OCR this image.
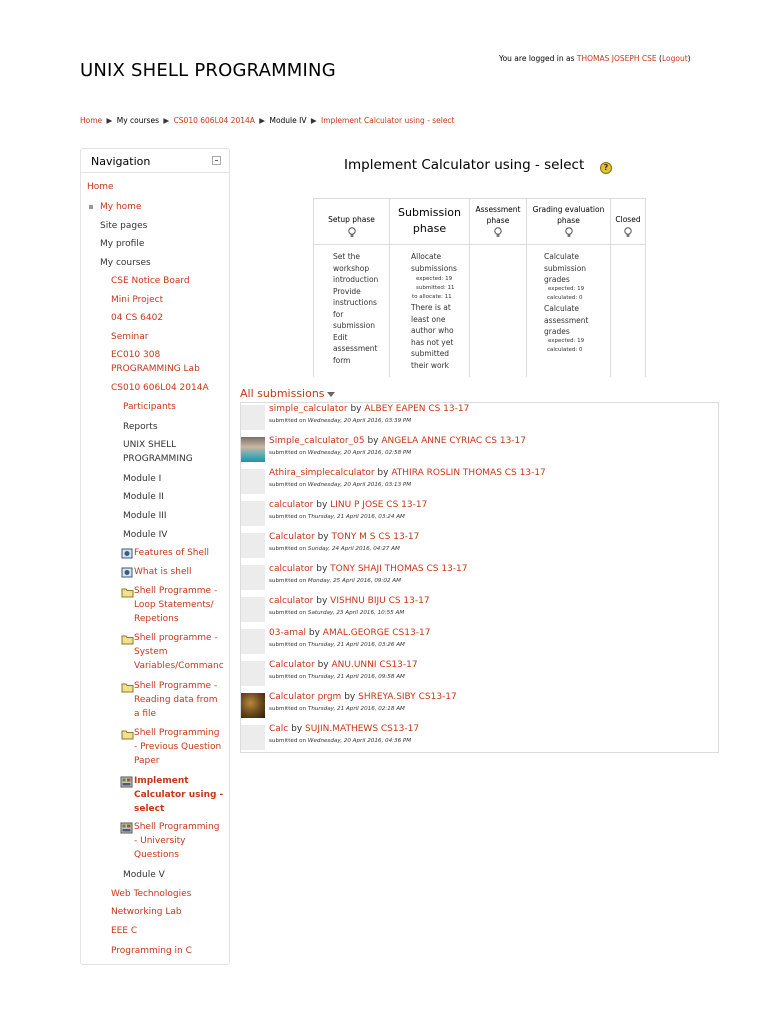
UNIX SHELL PROGRAMMING
You are logged in as THOMAS JOSEPH CSE (Logout)
Home ▶ My courses ▶ CS010 606L04 2014A ▶ Module IV ▶ Implement Calculator using - select
Navigation
Home
My home
Site pages
My profile
My courses
CSE Notice Board
Mini Project
04 CS 6402
Seminar
EC010 308
PROGRAMMING Lab
CS010 606L04 2014A
Participants
Reports
UNIX SHELL
PROGRAMMING
Module I
Module II
Module III
Module IV
Features of Shell
What is shell
Shell Programme -
Loop Statements/
Repetions
Shell programme -
System
Variables/Commanc
Shell Programme -
Reading data from
a file
Shell Programming
- Previous Question
Paper
Implement
Calculator using -
select
Shell Programming
- University
Questions
Module V
Web Technologies
Networking Lab
EEE C
Programming in C
Implement Calculator using - select	?
Setup phase
Set the
workshop
introduction
Provide
instructions
for
submission
Edit
assessment
form
Submission
phase
Allocate
submissions
expected: 19
submitted: 11
to allocate: 11
There is at
least one
author who
has not yet
submitted
their work
Assessment
phase
Grading evaluation
phase
Calculate
submission
grades
expected: 19
calculated: 0
Calculate
assessment
grades
expected: 19
calculated: 0
Closed
All submissions
simple_calculator by ALBEY EAPEN CS 13-17
submitted on Wednesday, 20 April 2016, 03:39 PM
Simple_calculator_05 by ANGELA ANNE CYRIAC CS 13-17
submitted on Wednesday, 20 April 2016, 02:58 PM
Athira_simplecalculator by ATHIRA ROSLIN THOMAS CS 13-17
submitted on Wednesday, 20 April 2016, 03:13 PM
calculator by LINU P JOSE CS 13-17
submitted on Thursday, 21 April 2016, 03:24 AM
Calculator by TONY M S CS 13-17
submitted on Sunday, 24 April 2016, 04:27 AM
calculator by TONY SHAJI THOMAS CS 13-17
submitted on Monday, 25 April 2016, 09:02 AM
calculator by VISHNU BIJU CS 13-17
submitted on Saturday, 23 April 2016, 10:55 AM
03-amal by AMAL.GEORGE CS13-17
submitted on Thursday, 21 April 2016, 03:26 AM
Calculator by ANU.UNNI CS13-17
submitted on Thursday, 21 April 2016, 09:58 AM
Calculator prgm by SHREYA.SIBY CS13-17
submitted on Thursday, 21 April 2016, 02:18 AM
Calc by SUJIN.MATHEWS CS13-17
submitted on Wednesday, 20 April 2016, 04:36 PM
